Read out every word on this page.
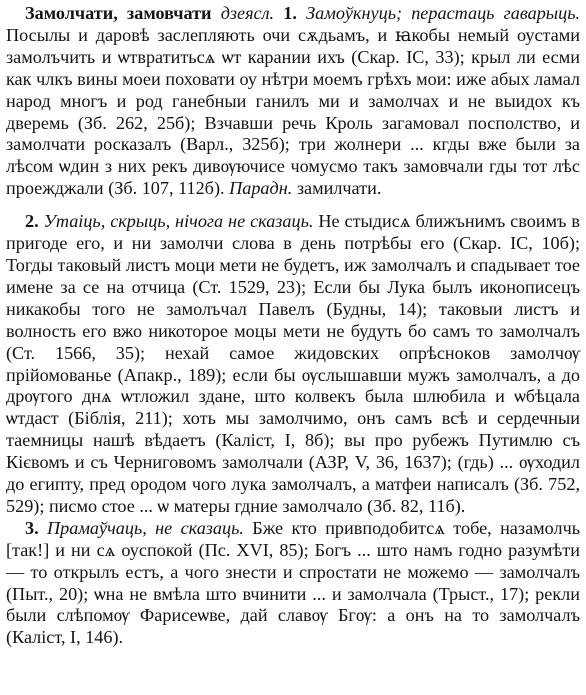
Замолчати, замовчати дзеясл. 1. Замоўкнуць; перастаць гаварыць. Посылы и даровѣ заслепляють очи сѫдьамъ, и ꙗкобы немый оустами замолъчить и ѡтвратитьсѧ ѡт карании ихъ (Скар. ІС, 33); крыл ли есми как члкъ вины моеи поховати оу нѣтри моемъ грѣхъ мои: иже абых ламал народ многъ и род ганебныи ганилъ ми и замолчах и не выидох къ дверемь (Зб. 262, 25б); Взчавши речь Кроль загамовал посполство, и замолчати росказалъ (Варл., 325б); три жолнери ... кгды вже были за лѣсом ѡдин з них рекъ дивѹючисе чомусмо такъ замовчали гды тот лѣс проежджали (Зб. 107, 112б). Парадн. замилчати.

2. Утаіць, скрыць, нічога не сказаць. Не стыдисѧ ближънимъ своимъ в пригоде его, и ни замолчи слова в день потрѣбы его (Скар. ІС, 10б); Тогды таковый листъ моци мети не будетъ, иж замолчалъ и спадывает тое имене за се на отчица (Ст. 1529, 23); Если бы Лука былъ иконописецъ никакобы того не замолъчал Павелъ (Будны, 14); таковыи листъ и волность его вжо никоторое моцы мети не будуть бо самъ то замолчалъ (Ст. 1566, 35); нехай самое жидовских опрѣснокoв замолчѹ прійомованье (Апакр., 189); если бы ѹслышавши мужъ замолчалъ, а до дрѹгого днѧ ѡтложил здане, што колвекъ была шлюбила и ѡбѣцала ѡтдаст (Біблія, 211); хоть мы замолчимо, онъ самъ всѣ и сердечныи таемницы нашѣ вѣдаетъ (Каліст, І, 8б); вы про рубежъ Путимлю съ Кієвомъ и съ Черниговомъ замолчали (АЗР, V, 36, 1637); (гдь) ... ѹходил до египту, пред ородом чого лука замолчалъ, а матфеи написалъ (Зб. 752, 529); писмо стое ... ѡ матеры гдние замолчало (Зб. 82, 11б).

3. Прамаўчаць, не сказаць. Бже кто привподобитсѧ тобе, назамолчь [так!] и ни сѧ оуспокой (Пс. XVI, 85); Богъ ... што намъ годно разумѣти — то открылъ естъ, а чого знести и спростати не можемо — замолчалъ (Пыт., 20); ѡна не вмѣла што вчинити ... и замолчала (Трыст., 17); рекли были слѣпомѹ Фарисеѡве, дай славѹ Бгѹ: а онъ на то замолчалъ (Каліст, І, 146).
